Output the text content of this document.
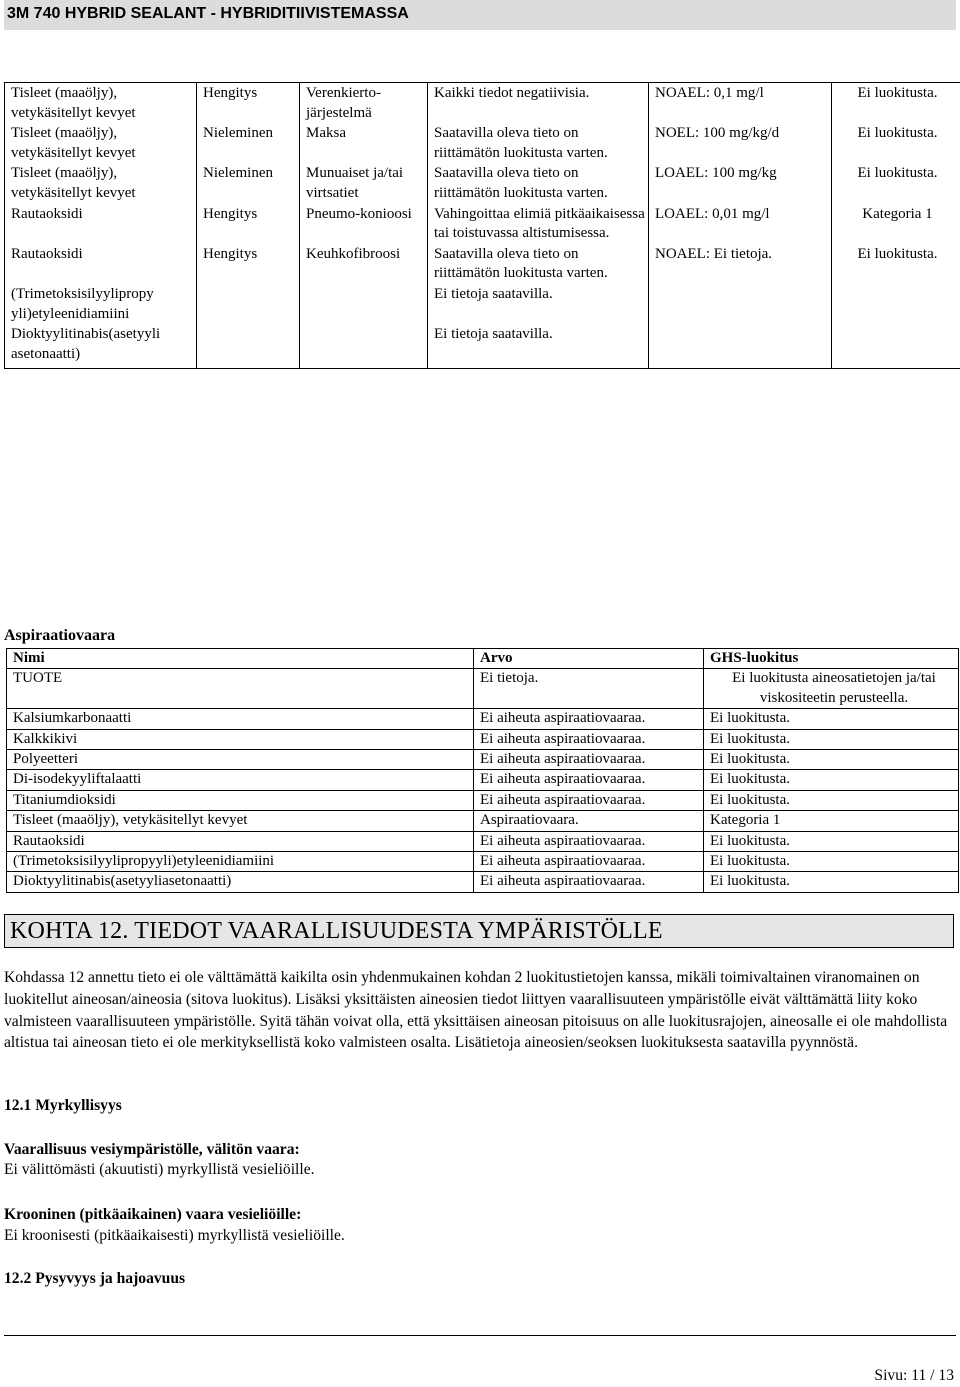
3M 740 HYBRID SEALANT - HYBRIDITIIVISTEMASSA
Tisleet (maaöljy), vetykäsitellyt kevyet	Hengitys	Verenkierto-järjestelmä	Kaikki tiedot negatiivisia.	NOAEL: 0,1 mg/l	Ei luokitusta.
Tisleet (maaöljy), vetykäsitellyt kevyet	Nieleminen	Maksa	Saatavilla oleva tieto on riittämätön luokitusta varten.	NOEL: 100 mg/kg/d	Ei luokitusta.
Tisleet (maaöljy), vetykäsitellyt kevyet	Nieleminen	Munuaiset ja/tai virtsatiet	Saatavilla oleva tieto on riittämätön luokitusta varten.	LOAEL: 100 mg/kg	Ei luokitusta.
Rautaoksidi	Hengitys	Pneumo-konioosi	Vahingoittaa elimiä pitkäaikaisessa tai toistuvassa altistumisessa.	LOAEL: 0,01 mg/l	Kategoria 1
Rautaoksidi	Hengitys	Keuhkofibroosi	Saatavilla oleva tieto on riittämätön luokitusta varten.	NOAEL: Ei tietoja.	Ei luokitusta.
(Trimetoksisilyylipropy yli)etyleenidiamiini			Ei tietoja saatavilla.		
Dioktyylitinabis(asetyyli asetonaatti)			Ei tietoja saatavilla.		
Aspiraatiovaara
Nimi	Arvo	GHS-luokitus
TUOTE	Ei tietoja.	Ei luokitusta aineosatietojen ja/tai viskositeetin perusteella.
Kalsiumkarbonaatti	Ei aiheuta aspiraatiovaaraa.	Ei luokitusta.
Kalkkikivi	Ei aiheuta aspiraatiovaaraa.	Ei luokitusta.
Polyeetteri	Ei aiheuta aspiraatiovaaraa.	Ei luokitusta.
Di-isodekyyliftalaatti	Ei aiheuta aspiraatiovaaraa.	Ei luokitusta.
Titaniumdioksidi	Ei aiheuta aspiraatiovaaraa.	Ei luokitusta.
Tisleet (maaöljy), vetykäsitellyt kevyet	Aspiraatiovaara.	Kategoria 1
Rautaoksidi	Ei aiheuta aspiraatiovaaraa.	Ei luokitusta.
(Trimetoksisilyylipropyyli)etyleenidiamiini	Ei aiheuta aspiraatiovaaraa.	Ei luokitusta.
Dioktyylitinabis(asetyyliasetonaatti)	Ei aiheuta aspiraatiovaaraa.	Ei luokitusta.
KOHTA 12. TIEDOT VAARALLISUUDESTA YMPÄRISTÖLLE

Kohdassa 12 annettu tieto ei ole välttämättä kaikilta osin yhdenmukainen kohdan 2 luokitustietojen kanssa, mikäli toimivaltainen viranomainen on luokitellut aineosan/aineosia (sitova luokitus). Lisäksi yksittäisten aineosien tiedot liittyen vaarallisuuteen ympäristölle eivät välttämättä liity koko valmisteen vaarallisuuteen ympäristölle. Syitä tähän voivat olla, että yksittäisen aineosan pitoisuus on alle luokitusrajojen, aineosalle ei ole mahdollista altistua tai aineosan tieto ei ole merkityksellistä koko valmisteen osalta. Lisätietoja aineosien/seoksen luokituksesta saatavilla pyynnöstä.

12.1 Myrkyllisyys

Vaarallisuus vesiympäristölle, välitön vaara:

Ei välittömästi (akuutisti) myrkyllistä vesieliöille.

Krooninen (pitkäaikainen) vaara vesieliöille:

Ei kroonisesti (pitkäaikaisesti) myrkyllistä vesieliöille.

12.2 Pysyvyys ja hajoavuus

Sivu: 11 / 13
